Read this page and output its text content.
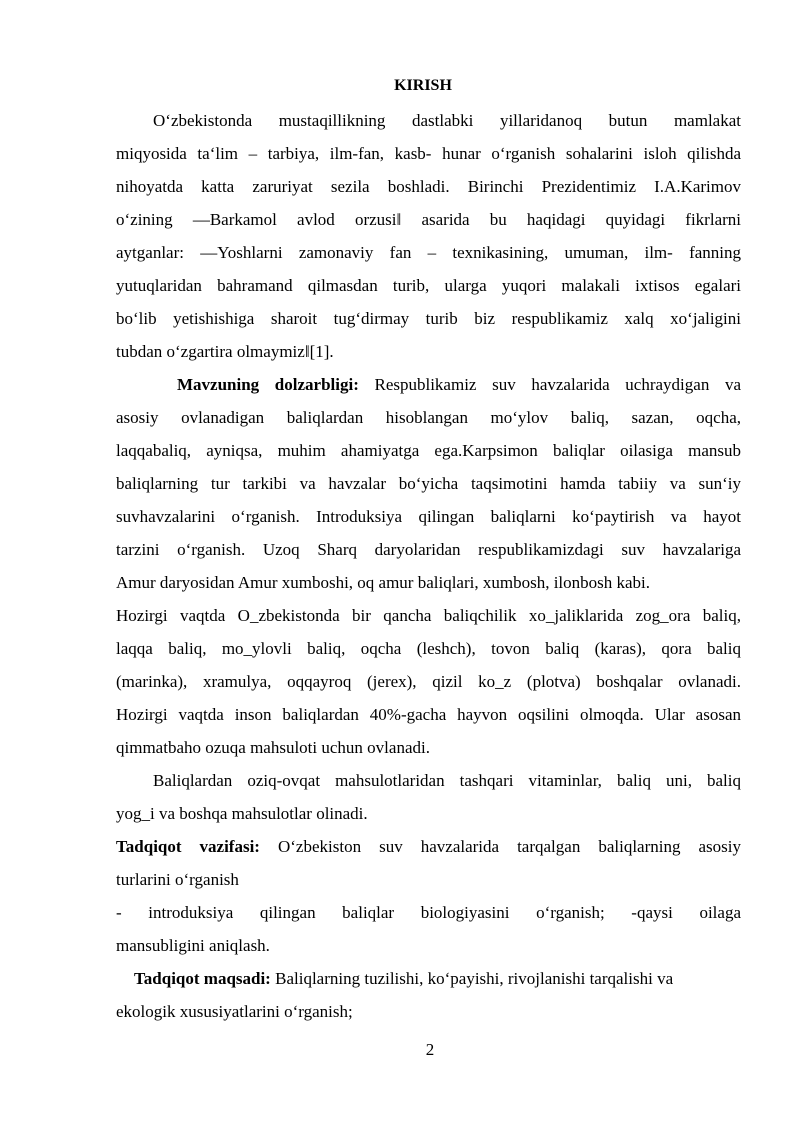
KIRISH
O‘zbekistonda mustaqillikning dastlabki yillaridanoq butun mamlakat
miqyosida ta‘lim – tarbiya, ilm-fan, kasb- hunar o‘rganish sohalarini isloh qilishda
nihoyatda katta zaruriyat sezila boshladi. Birinchi Prezidentimiz I.A.Karimov
o‘zining ―Barkamol avlod orzusi‖ asarida bu haqidagi quyidagi fikrlarni
aytganlar: ―Yoshlarni zamonaviy fan – texnikasining, umuman, ilm- fanning
yutuqlaridan bahramand qilmasdan turib, ularga yuqori malakali ixtisos egalari
bo‘lib yetishishiga sharoit tug‘dirmay turib biz respublikamiz xalq xo‘jaligini
tubdan o‘zgartira olmaymiz‖[1].
Mavzuning dolzarbligi: Respublikamiz suv havzalarida uchraydigan va
asosiy ovlanadigan baliqlardan hisoblangan mo‘ylov baliq, sazan, oqcha,
laqqabaliq, ayniqsa, muhim ahamiyatga ega.Karpsimon baliqlar oilasiga mansub
baliqlarning tur tarkibi va havzalar bo‘yicha taqsimotini hamda tabiiy va sun‘iy
suvhavzalarini o‘rganish. Introduksiya qilingan baliqlarni ko‘paytirish va hayot
tarzini o‘rganish. Uzoq Sharq daryolaridan respublikamizdagi suv havzalariga
Amur daryosidan Amur xumboshi, oq amur baliqlari, xumbosh, ilonbosh kabi.
Hozirgi vaqtda O_zbekistonda bir qancha baliqchilik xo_jaliklarida zog_ora baliq,
laqqa baliq, mo_ylovli baliq, oqcha (leshch), tovon baliq (karas), qora baliq
(marinka), xramulya, oqqayroq (jerex), qizil ko_z (plotva) boshqalar ovlanadi.
Hozirgi vaqtda inson baliqlardan 40%-gacha hayvon oqsilini olmoqda. Ular asosan
qimmatbaho ozuqa mahsuloti uchun ovlanadi.
Baliqlardan oziq-ovqat mahsulotlaridan tashqari vitaminlar, baliq uni, baliq
yog_i va boshqa mahsulotlar olinadi.
Tadqiqot vazifasi: O‘zbekiston suv havzalarida tarqalgan baliqlarning asosiy
turlarini o‘rganish
- introduksiya qilingan baliqlar biologiyasini o‘rganish; -qaysi oilaga
mansubligini aniqlash.
Tadqiqot maqsadi: Baliqlarning tuzilishi, ko‘payishi, rivojlanishi tarqalishi va
ekologik xususiyatlarini o‘rganish;
2
